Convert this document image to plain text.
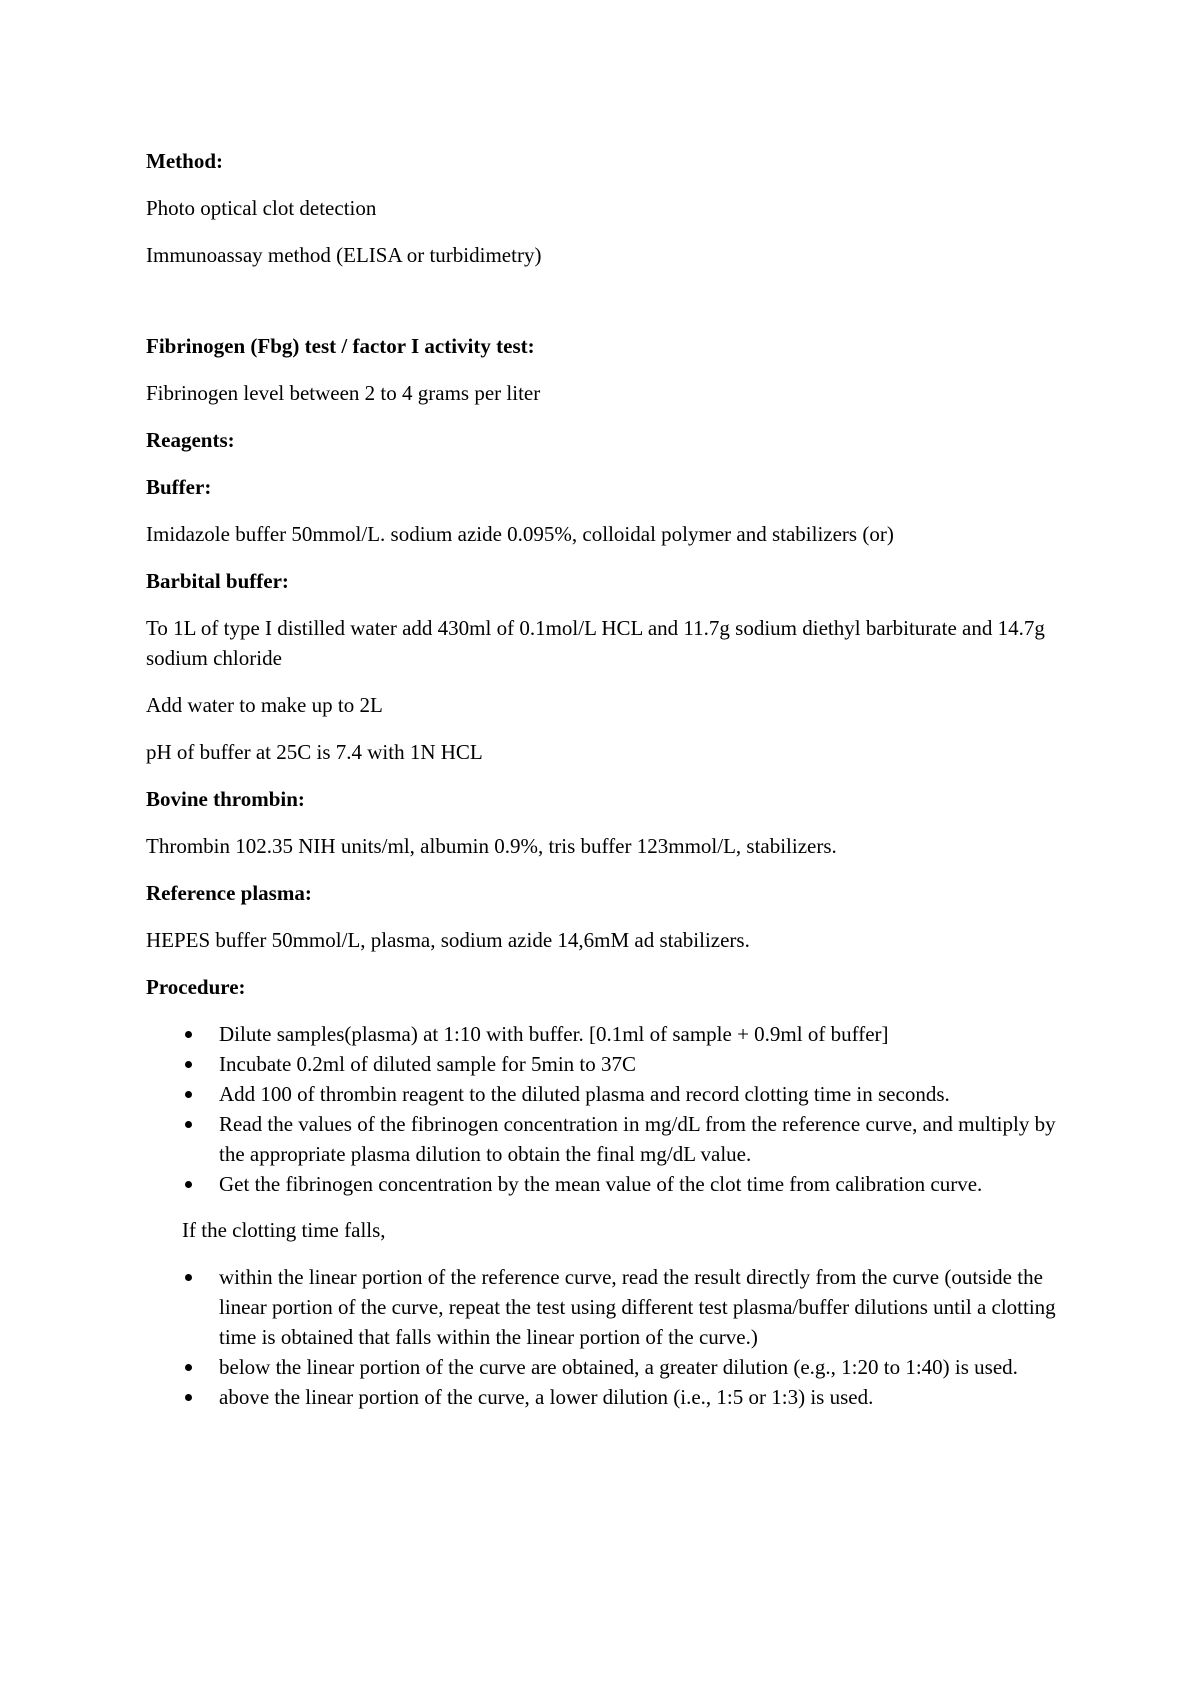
Method:
Photo optical clot detection
Immunoassay method (ELISA or turbidimetry)
Fibrinogen (Fbg) test / factor I activity test:
Fibrinogen level between 2 to 4 grams per liter
Reagents:
Buffer:
Imidazole buffer 50mmol/L. sodium azide 0.095%, colloidal polymer and stabilizers (or)
Barbital buffer:
To 1L of type I distilled water add 430ml of 0.1mol/L HCL and 11.7g sodium diethyl barbiturate and 14.7g sodium chloride
Add water to make up to 2L
pH of buffer at 25C is 7.4 with 1N HCL
Bovine thrombin:
Thrombin 102.35 NIH units/ml, albumin 0.9%, tris buffer 123mmol/L, stabilizers.
Reference plasma:
HEPES buffer 50mmol/L, plasma, sodium azide 14,6mM ad stabilizers.
Procedure:
Dilute samples(plasma) at 1:10 with buffer. [0.1ml of sample + 0.9ml of buffer]
Incubate 0.2ml of diluted sample for 5min to 37C
Add 100 of thrombin reagent to the diluted plasma and record clotting time in seconds.
Read the values of the fibrinogen concentration in mg/dL from the reference curve, and multiply by the appropriate plasma dilution to obtain the final mg/dL value.
Get the fibrinogen concentration by the mean value of the clot time from calibration curve.
If the clotting time falls,
within the linear portion of the reference curve, read the result directly from the curve (outside the linear portion of the curve, repeat the test using different test plasma/buffer dilutions until a clotting time is obtained that falls within the linear portion of the curve.)
below the linear portion of the curve are obtained, a greater dilution (e.g., 1:20 to 1:40) is used.
above the linear portion of the curve, a lower dilution (i.e., 1:5 or 1:3) is used.
